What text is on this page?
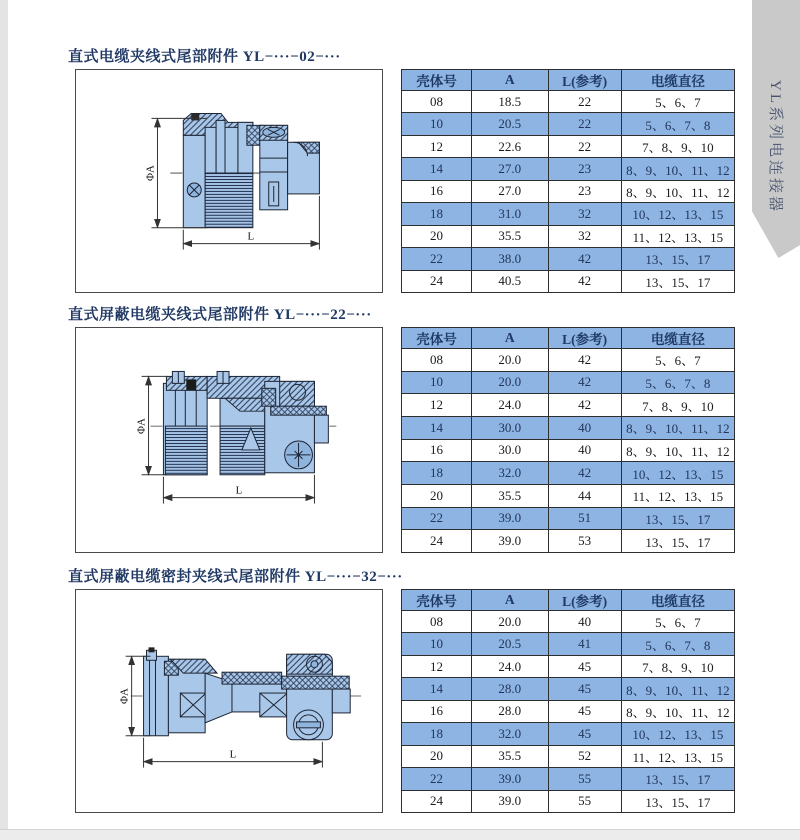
YL系列电连接器
直式电缆夹线式尾部附件 YL−···−02−···
ΦA
L
壳体号	A	L(参考)	电缆直径
08	18.5	22	5、6、7
10	20.5	22	5、6、7、8
12	22.6	22	7、8、9、10
14	27.0	23	8、9、10、11、12
16	27.0	23	8、9、10、11、12
18	31.0	32	10、12、13、15
20	35.5	32	11、12、13、15
22	38.0	42	13、15、17
24	40.5	42	13、15、17
直式屏蔽电缆夹线式尾部附件 YL−···−22−···
ΦA
L
壳体号	A	L(参考)	电缆直径
08	20.0	42	5、6、7
10	20.0	42	5、6、7、8
12	24.0	42	7、8、9、10
14	30.0	40	8、9、10、11、12
16	30.0	40	8、9、10、11、12
18	32.0	42	10、12、13、15
20	35.5	44	11、12、13、15
22	39.0	51	13、15、17
24	39.0	53	13、15、17
直式屏蔽电缆密封夹线式尾部附件 YL−···−32−···
ΦA
L
壳体号	A	L(参考)	电缆直径
08	20.0	40	5、6、7
10	20.5	41	5、6、7、8
12	24.0	45	7、8、9、10
14	28.0	45	8、9、10、11、12
16	28.0	45	8、9、10、11、12
18	32.0	45	10、12、13、15
20	35.5	52	11、12、13、15
22	39.0	55	13、15、17
24	39.0	55	13、15、17
